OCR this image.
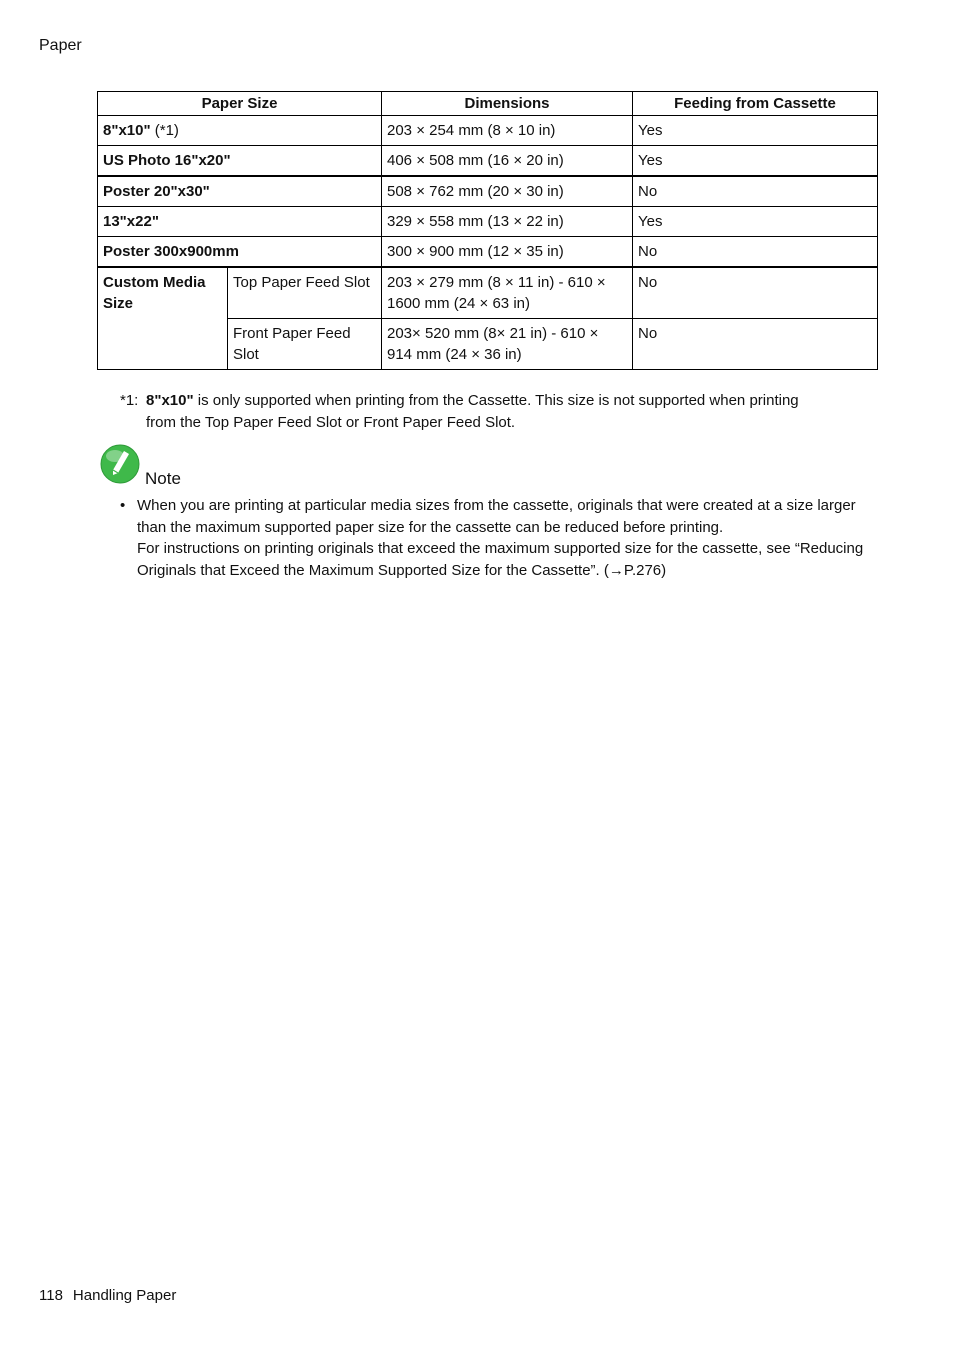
Paper
Paper Size		Dimensions	Feeding from Cassette
8"x10" (*1)		203 × 254 mm (8 × 10 in)	Yes
US Photo 16"x20"		406 × 508 mm (16 × 20 in)	Yes
Poster 20"x30"		508 × 762 mm (20 × 30 in)	No
13"x22"		329 × 558 mm (13 × 22 in)	Yes
Poster 300x900mm		300 × 900 mm (12 × 35 in)	No
Custom Media Size	Top Paper Feed Slot	203 × 279 mm (8 × 11 in) - 610 × 1600 mm (24 × 63 in)	No
	Front Paper Feed Slot	203× 520 mm (8× 21 in) - 610 × 914 mm (24 × 36 in)	No
*1: 8"x10" is only supported when printing from the Cassette. This size is not supported when printing
from the Top Paper Feed Slot or Front Paper Feed Slot.
Note
• When you are printing at particular media sizes from the cassette, originals that were created at a size larger than the maximum supported paper size for the cassette can be reduced before printing.
For instructions on printing originals that exceed the maximum supported size for the cassette, see “Reducing Originals that Exceed the Maximum Supported Size for the Cassette”. (→P.276)
118 Handling Paper
